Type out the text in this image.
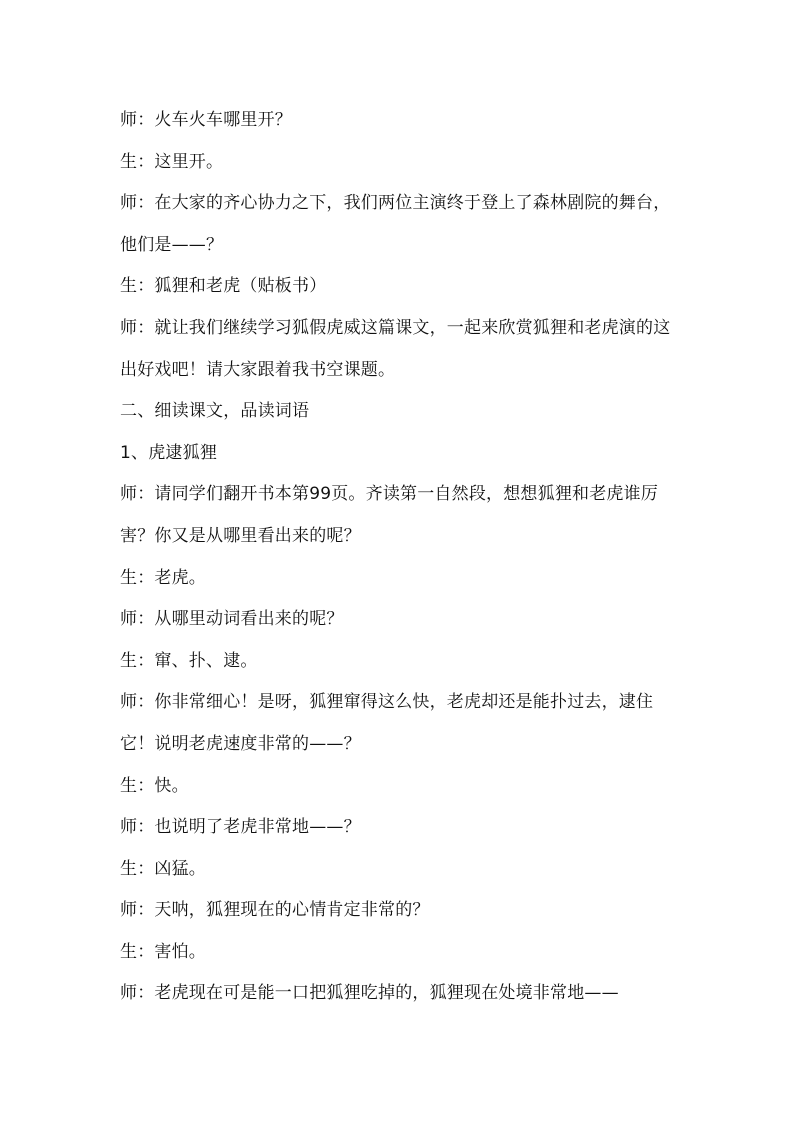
师：火车火车哪里开？

生：这里开。

师：在大家的齐心协力之下，我们两位主演终于登上了森林剧院的舞台，他们是——？

生：狐狸和老虎（贴板书）

师：就让我们继续学习狐假虎威这篇课文，一起来欣赏狐狸和老虎演的这出好戏吧！请大家跟着我书空课题。

二、细读课文，品读词语

1、虎逮狐狸

师：请同学们翻开书本第99页。齐读第一自然段，想想狐狸和老虎谁厉害？你又是从哪里看出来的呢？

生：老虎。

师：从哪里动词看出来的呢？

生：窜、扑、逮。

师：你非常细心！是呀，狐狸窜得这么快，老虎却还是能扑过去，逮住它！说明老虎速度非常的——？

生：快。

师：也说明了老虎非常地——？

生：凶猛。

师：天呐，狐狸现在的心情肯定非常的？

生：害怕。

师：老虎现在可是能一口把狐狸吃掉的，狐狸现在处境非常地——
